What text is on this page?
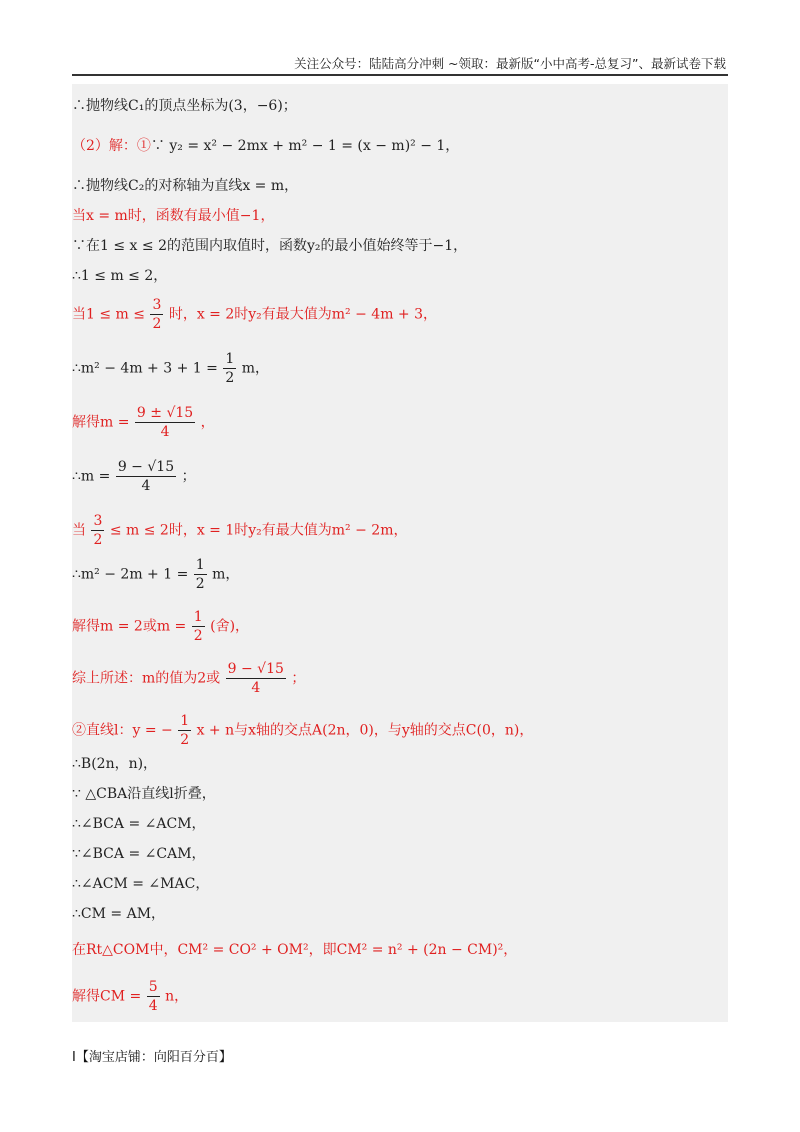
关注公众号：陆陆高分冲刺 ~领取：最新版“小中高考-总复习”、最新试卷下载
∴抛物线C₁的顶点坐标为(3，−6)；
（2）解：①∵ y₂ = x² − 2mx + m² − 1 = (x − m)² − 1，
∴抛物线C₂的对称轴为直线x = m，
当x = m时，函数有最小值−1，
∵在1 ≤ x ≤ 2的范围内取值时，函数y₂的最小值始终等于−1，
∴1 ≤ m ≤ 2，
当$1 \le m \le \frac{3}{2}$ 时，x = 2时y₂有最大值为m² − 4m + 3，
∴m² − $4m + 3 + 1 = \frac{1}{2}$ m，
解得$m = \frac{9 \pm √15}{4}$ ，
∴m = $\frac{9 - √15}{4}$ ；
当 $\frac{3}{2} \le m \le 2$时，x = 1时y₂有最大值为m² − 2m，
∴m² − $2m + 1 = \frac{1}{2}$ m，
解得m = 2或$m = \frac{1}{2}$ (舍)，
综上所述：m的值为2或 $\frac{9 - √15}{4}$ ；
②直线l：y = − $\frac{1}{2}$ x + n与x轴的交点A(2n，0)，与y轴的交点C(0，n)，
∴B(2n，n)，
∵ △CBA沿直线l折叠，
∴∠BCA = ∠ACM，
∵∠BCA = ∠CAM，
∴∠ACM = ∠MAC，
∴CM = AM，
在Rt△COM中，CM² = CO² + OM²，即CM² = n² + (2n − CM)²，
解得CM = $\frac{5}{4}$ n，
I【淘宝店铺：向阳百分百】
